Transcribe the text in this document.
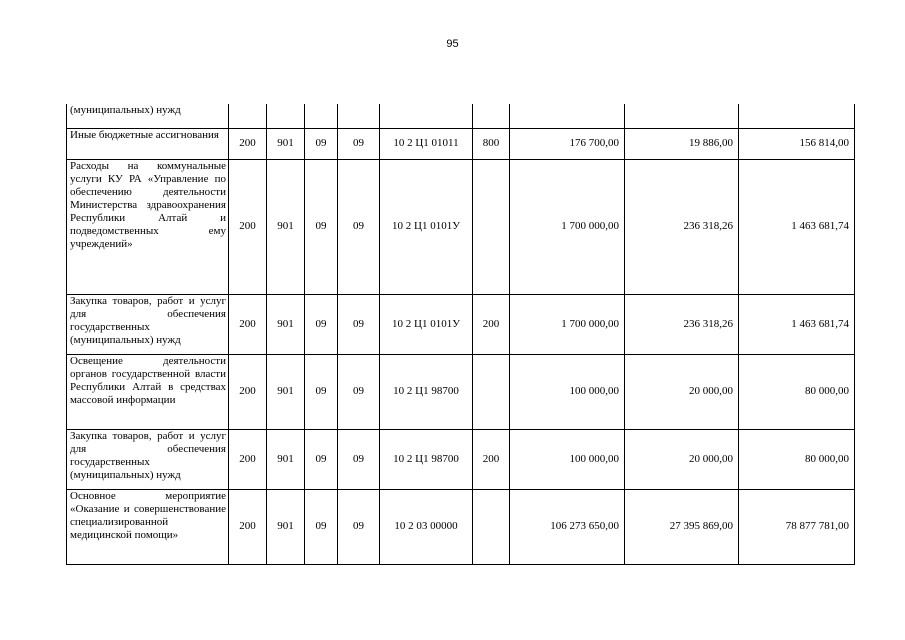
95
(муниципальных) нужд									
Иные бюджетные ассигнования	200	901	09	09	10 2 Ц1 01011	800	176 700,00	19 886,00	156 814,00
Расходы на коммунальные услуги КУ РА «Управление по обеспечению деятельности Министерства здравоохранения Республики Алтай и подведомственных ему учреждений»	200	901	09	09	10 2 Ц1 0101У		1 700 000,00	236 318,26	1 463 681,74
Закупка товаров, работ и услуг для обеспечения государственных (муниципальных) нужд	200	901	09	09	10 2 Ц1 0101У	200	1 700 000,00	236 318,26	1 463 681,74
Освещение деятельности органов государственной власти Республики Алтай в средствах массовой информации	200	901	09	09	10 2 Ц1 98700		100 000,00	20 000,00	80 000,00
Закупка товаров, работ и услуг для обеспечения государственных (муниципальных) нужд	200	901	09	09	10 2 Ц1 98700	200	100 000,00	20 000,00	80 000,00
Основное мероприятие «Оказание и совершенствование специализированной медицинской помощи»	200	901	09	09	10 2 03 00000		106 273 650,00	27 395 869,00	78 877 781,00
